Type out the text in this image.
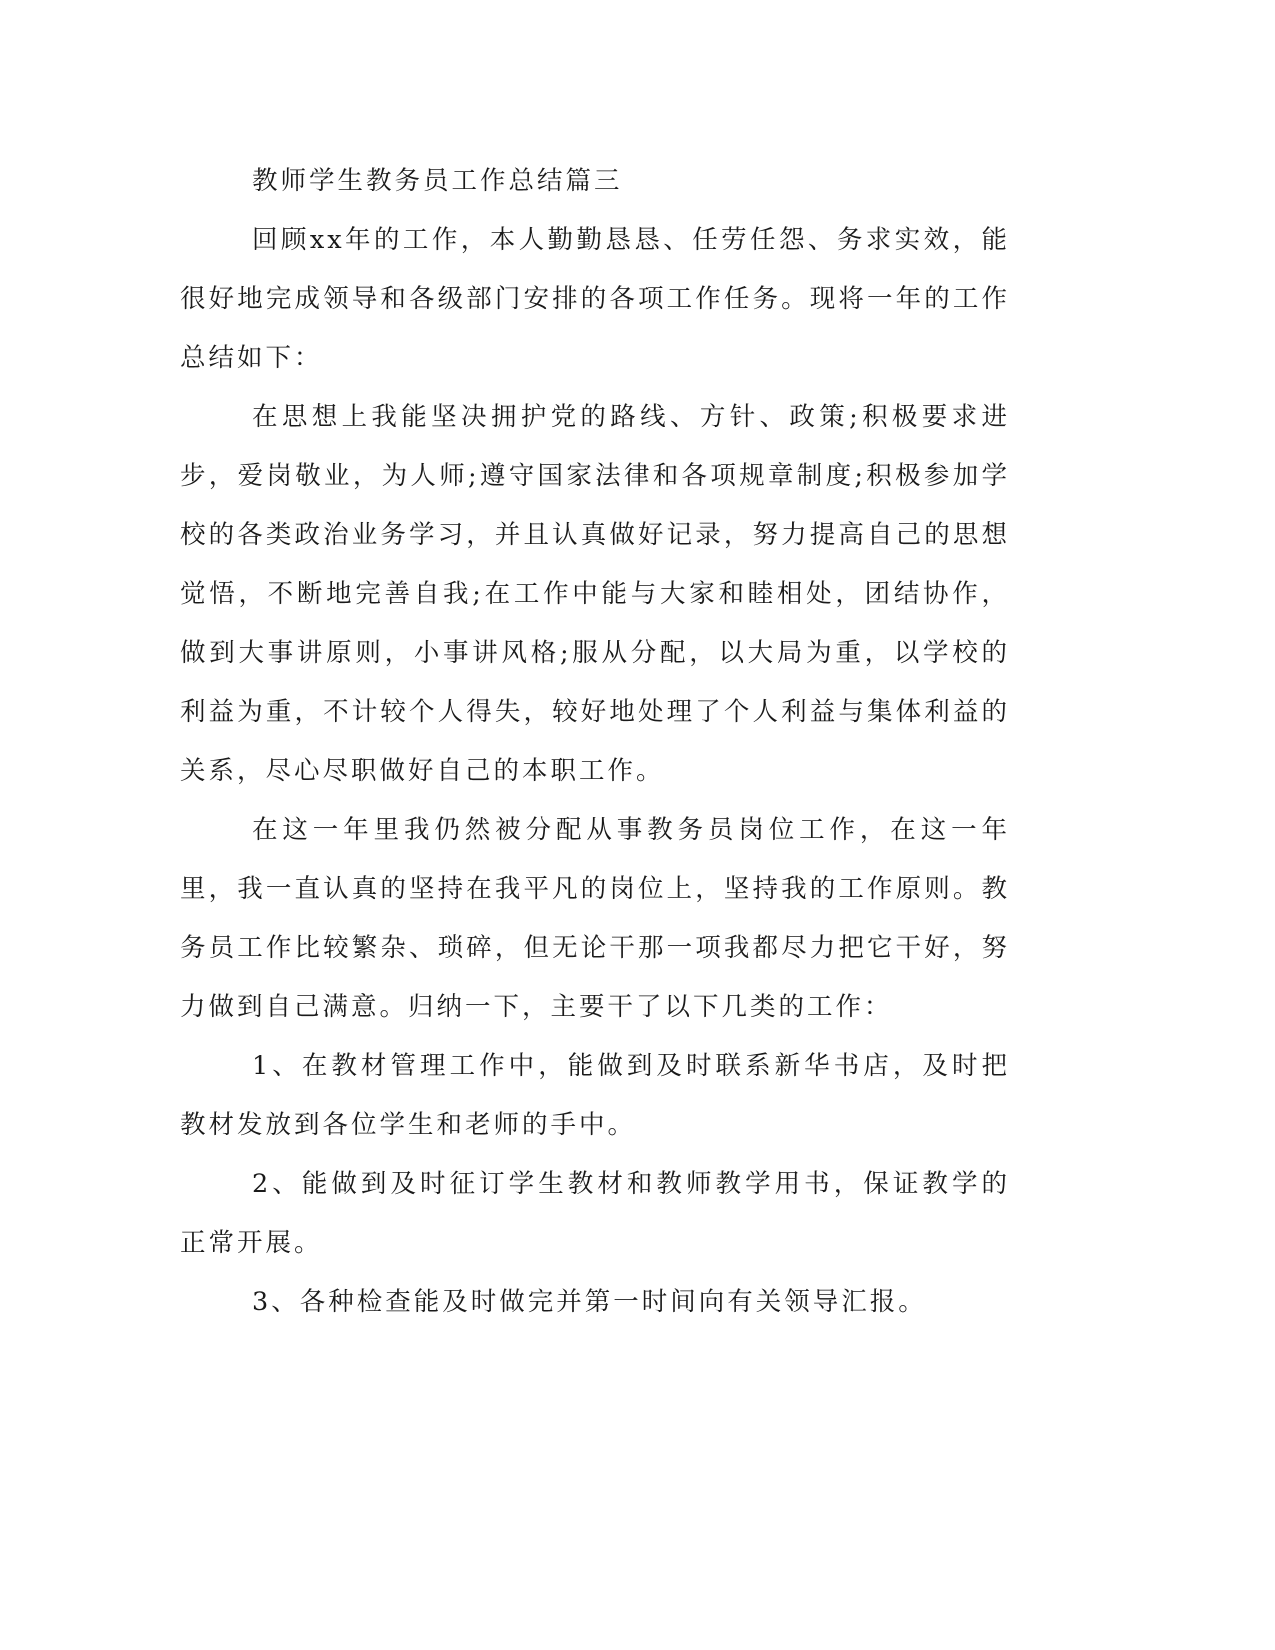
教师学生教务员工作总结篇三

回顾xx年的工作，本人勤勤恳恳、任劳任怨、务求实效，能很好地完成领导和各级部门安排的各项工作任务。现将一年的工作总结如下：

在思想上我能坚决拥护党的路线、方针、政策;积极要求进步，爱岗敬业，为人师;遵守国家法律和各项规章制度;积极参加学校的各类政治业务学习，并且认真做好记录，努力提高自己的思想觉悟，不断地完善自我;在工作中能与大家和睦相处，团结协作，做到大事讲原则，小事讲风格;服从分配，以大局为重，以学校的利益为重，不计较个人得失，较好地处理了个人利益与集体利益的关系，尽心尽职做好自己的本职工作。

在这一年里我仍然被分配从事教务员岗位工作，在这一年里，我一直认真的坚持在我平凡的岗位上，坚持我的工作原则。教务员工作比较繁杂、琐碎，但无论干那一项我都尽力把它干好，努力做到自己满意。归纳一下，主要干了以下几类的工作：

1、在教材管理工作中，能做到及时联系新华书店，及时把教材发放到各位学生和老师的手中。

2、能做到及时征订学生教材和教师教学用书，保证教学的正常开展。

3、各种检查能及时做完并第一时间向有关领导汇报。
